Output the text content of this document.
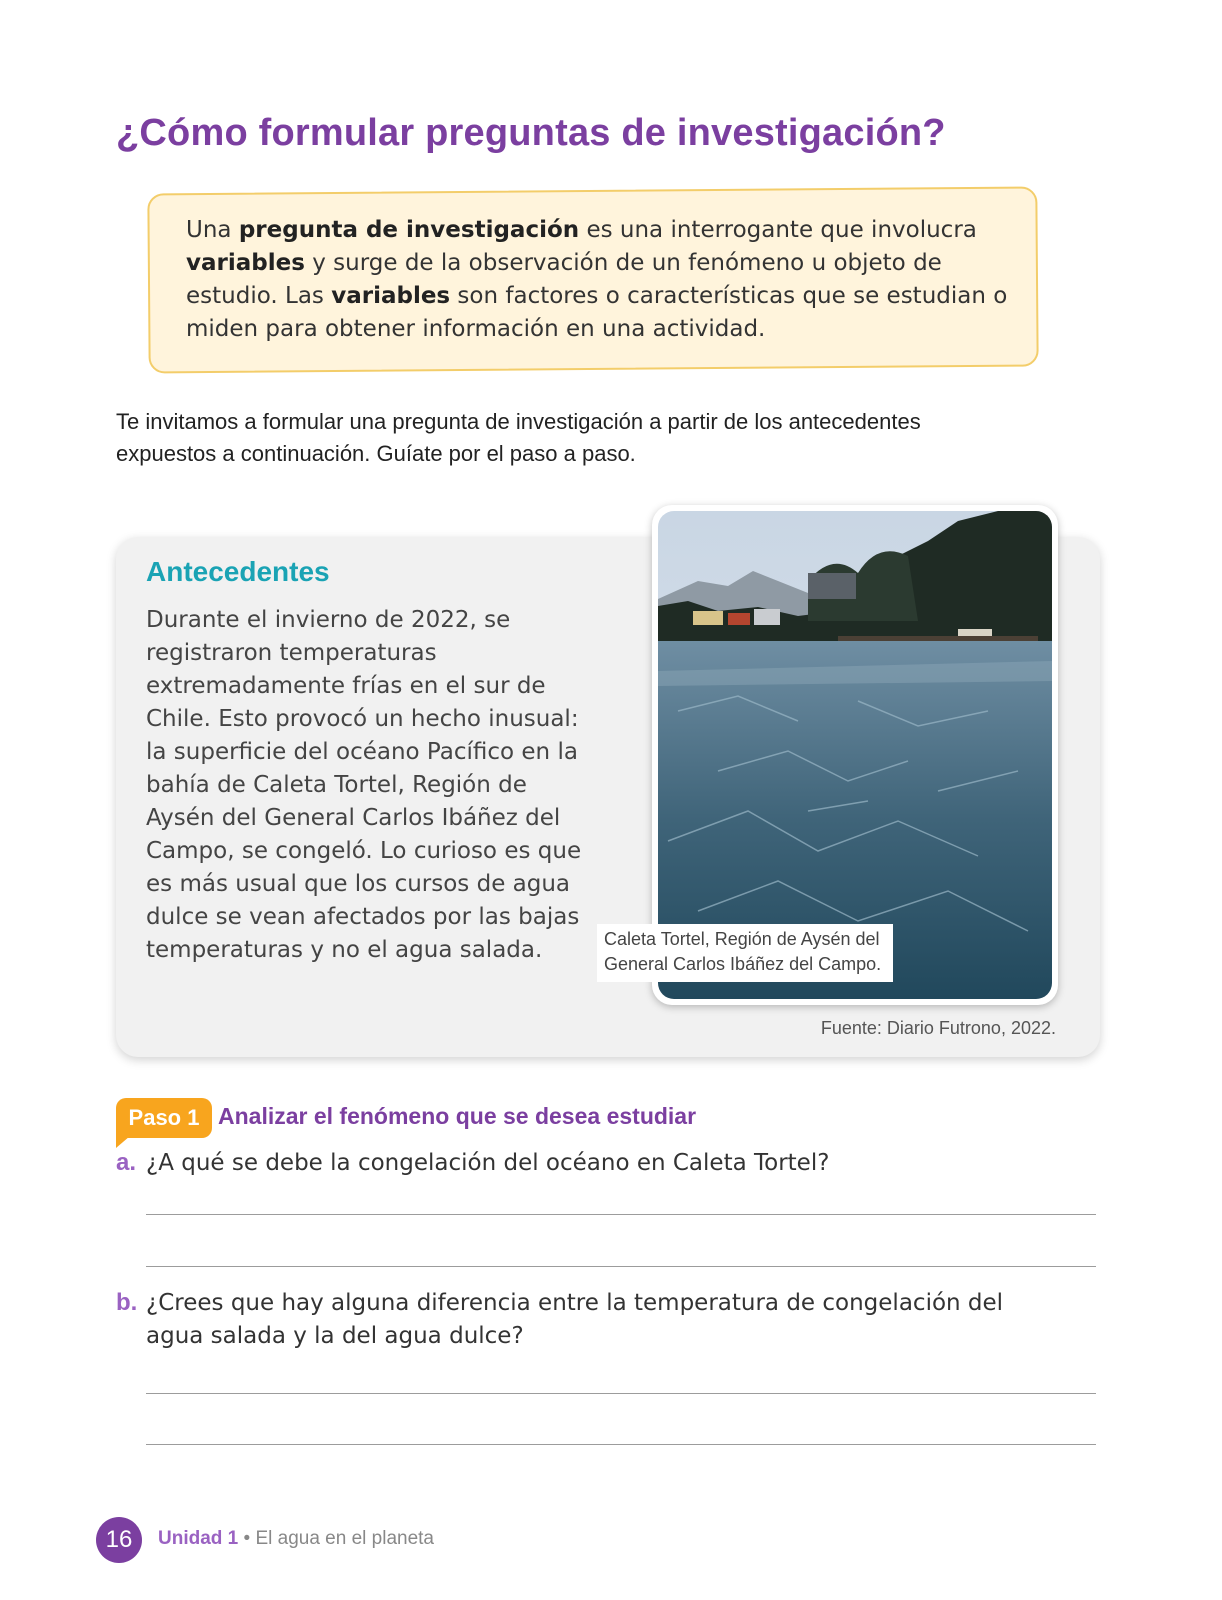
¿Cómo formular preguntas de investigación?

Una pregunta de investigación es una interrogante que involucra variables y surge de la observación de un fenómeno u objeto de estudio. Las variables son factores o características que se estudian o miden para obtener información en una actividad.

Te invitamos a formular una pregunta de investigación a partir de los antecedentes expuestos a continuación. Guíate por el paso a paso.

Antecedentes

Durante el invierno de 2022, se registraron temperaturas extremadamente frías en el sur de Chile. Esto provocó un hecho inusual: la superficie del océano Pacífico en la bahía de Caleta Tortel, Región de Aysén del General Carlos Ibáñez del Campo, se congeló. Lo curioso es que es más usual que los cursos de agua dulce se vean afectados por las bajas temperaturas y no el agua salada.	Caleta Tortel, Región de Aysén del General Carlos Ibáñez del Campo.

Fuente: Diario Futrono, 2022.

Paso 1 Analizar el fenómeno que se desea estudiar
a. ¿A qué se debe la congelación del océano en Caleta Tortel?

b. ¿Crees que hay alguna diferencia entre la temperatura de congelación del agua salada y la del agua dulce?

16	Unidad 1 • El agua en el planeta
